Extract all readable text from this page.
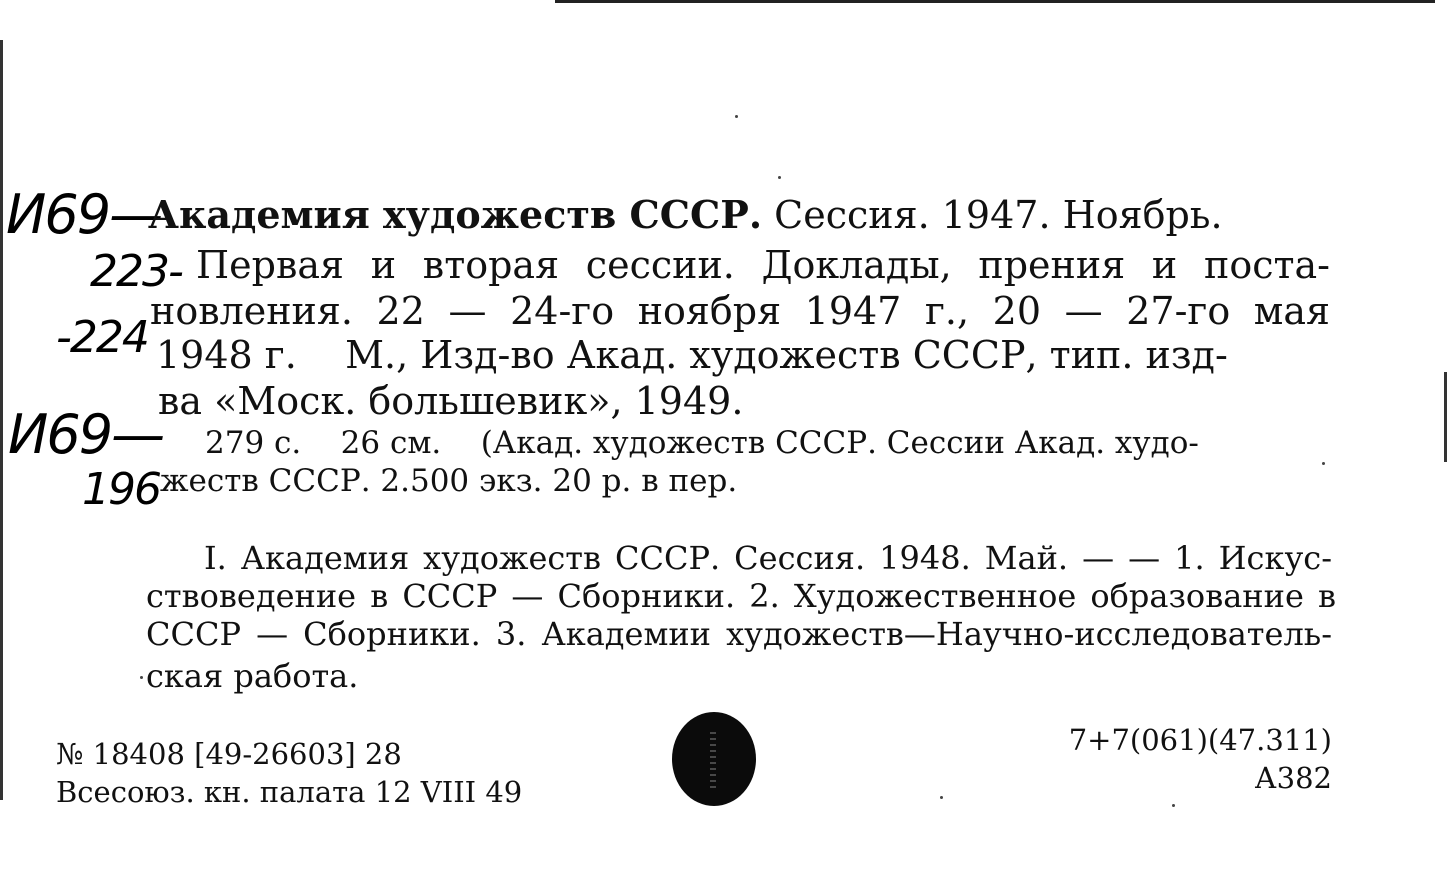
И69—
223-
-224
И69—
196
Академия художеств СССР. Сессия. 1947. Ноябрь.
Первая и вторая сессии. Доклады, прения и поста-
новления. 22 — 24-го ноября 1947 г., 20 — 27-го мая
1948 г.    М., Изд-во Акад. художеств СССР, тип. изд-
ва «Моск. большевик», 1949.
279 с.    26 см.    (Акад. художеств СССР. Сессии Акад. худо-
жеств СССР. 2.500 экз. 20 р. в пер.
I. Академия художеств СССР. Сессия. 1948. Май. — — 1. Искус-
ствоведение в СССР — Сборники. 2. Художественное образование в
СССР — Сборники. 3. Академии художеств—Научно-исследователь-
ская работа.
№ 18408 [49-26603] 28
Всесоюз. кн. палата 12 VIII 49
7+7(061)(47.311)
А382
